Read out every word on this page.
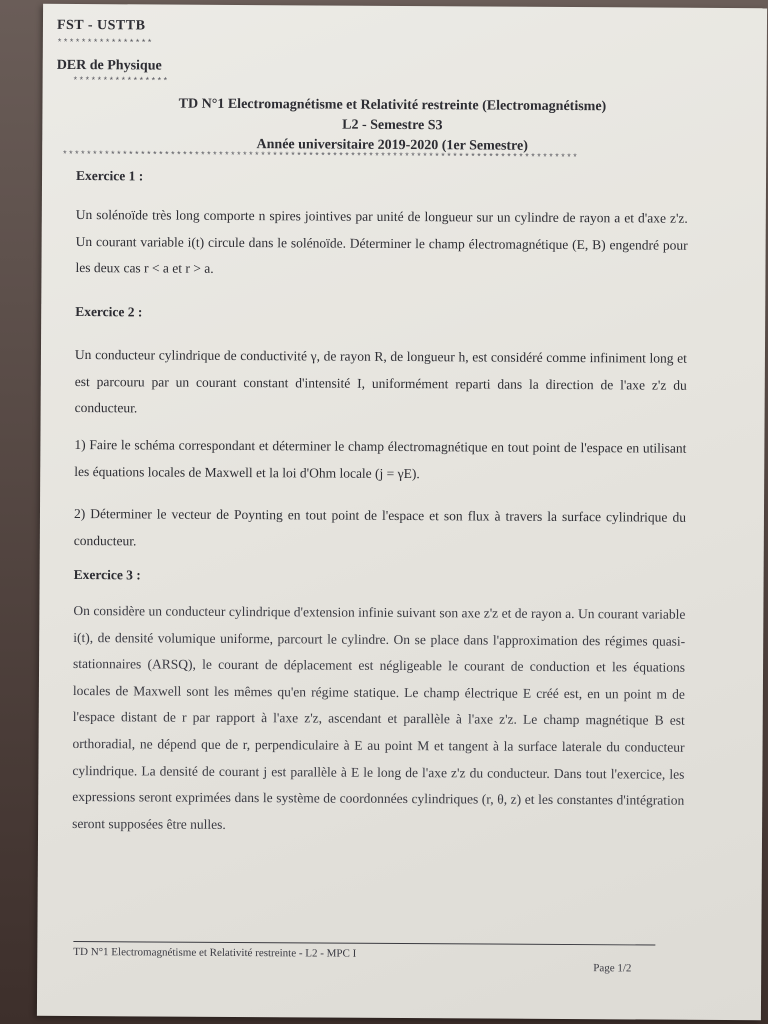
FST - USTTB
****************
DER de Physique
****************
TD N°1 Electromagnétisme et Relativité restreinte (Electromagnétisme)
L2 - Semestre S3
Année universitaire 2019-2020 (1er Semestre)
**************************************************************************************
Exercice 1 :
Un solénoïde très long comporte n spires jointives par unité de longueur sur un cylindre de rayon a et d'axe z'z. Un courant variable i(t) circule dans le solénoïde. Déterminer le champ électromagnétique (E, B) engendré pour les deux cas r < a et r > a.
Exercice 2 :
Un conducteur cylindrique de conductivité γ, de rayon R, de longueur h, est considéré comme infiniment long et est parcouru par un courant constant d'intensité I, uniformément reparti dans la direction de l'axe z'z du conducteur.
1) Faire le schéma correspondant et déterminer le champ électromagnétique en tout point de l'espace en utilisant les équations locales de Maxwell et la loi d'Ohm locale (j = γE).
2) Déterminer le vecteur de Poynting en tout point de l'espace et son flux à travers la surface cylindrique du conducteur.
Exercice 3 :
On considère un conducteur cylindrique d'extension infinie suivant son axe z'z et de rayon a. Un courant variable i(t), de densité volumique uniforme, parcourt le cylindre. On se place dans l'approximation des régimes quasi-stationnaires (ARSQ), le courant de déplacement est négligeable le courant de conduction et les équations locales de Maxwell sont les mêmes qu'en régime statique. Le champ électrique E créé est, en un point m de l'espace distant de r par rapport à l'axe z'z, ascendant et parallèle à l'axe z'z. Le champ magnétique B est orthoradial, ne dépend que de r, perpendiculaire à E au point M et tangent à la surface laterale du conducteur cylindrique. La densité de courant j est parallèle à E le long de l'axe z'z du conducteur. Dans tout l'exercice, les expressions seront exprimées dans le système de coordonnées cylindriques (r, θ, z) et les constantes d'intégration seront supposées être nulles.
TD N°1 Electromagnétisme et Relativité restreinte - L2 - MPC I
Page 1/2
